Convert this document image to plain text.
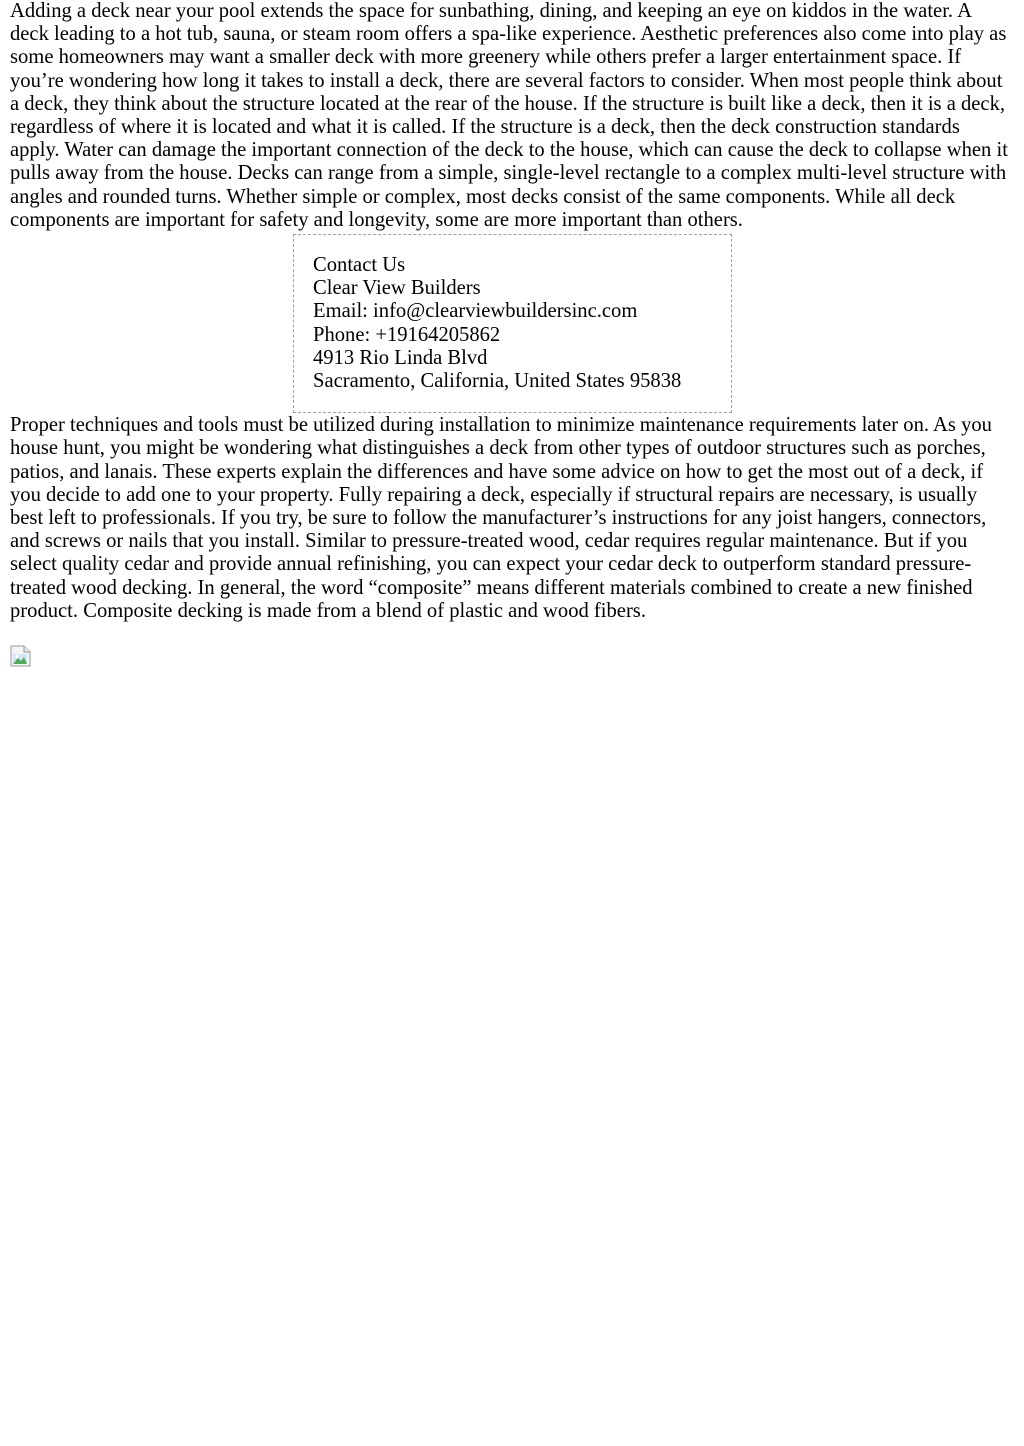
Adding a deck near your pool extends the space for sunbathing, dining, and keeping an eye on kiddos in the water. A deck leading to a hot tub, sauna, or steam room offers a spa-like experience. Aesthetic preferences also come into play as some homeowners may want a smaller deck with more greenery while others prefer a larger entertainment space. If you’re wondering how long it takes to install a deck, there are several factors to consider. When most people think about a deck, they think about the structure located at the rear of the house. If the structure is built like a deck, then it is a deck, regardless of where it is located and what it is called. If the structure is a deck, then the deck construction standards apply. Water can damage the important connection of the deck to the house, which can cause the deck to collapse when it pulls away from the house. Decks can range from a simple, single-level rectangle to a complex multi-level structure with angles and rounded turns. Whether simple or complex, most decks consist of the same components. While all deck components are important for safety and longevity, some are more important than others.

Contact Us
Clear View Builders
Email: info@clearviewbuildersinc.com
Phone: +19164205862
4913 Rio Linda Blvd
Sacramento, California, United States 95838

Proper techniques and tools must be utilized during installation to minimize maintenance requirements later on. As you house hunt, you might be wondering what distinguishes a deck from other types of outdoor structures such as porches, patios, and lanais. These experts explain the differences and have some advice on how to get the most out of a deck, if you decide to add one to your property. Fully repairing a deck, especially if structural repairs are necessary, is usually best left to professionals. If you try, be sure to follow the manufacturer’s instructions for any joist hangers, connectors, and screws or nails that you install. Similar to pressure-treated wood, cedar requires regular maintenance. But if you select quality cedar and provide annual refinishing, you can expect your cedar deck to outperform standard pressure-treated wood decking. In general, the word “composite” means different materials combined to create a new finished product. Composite decking is made from a blend of plastic and wood fibers.
